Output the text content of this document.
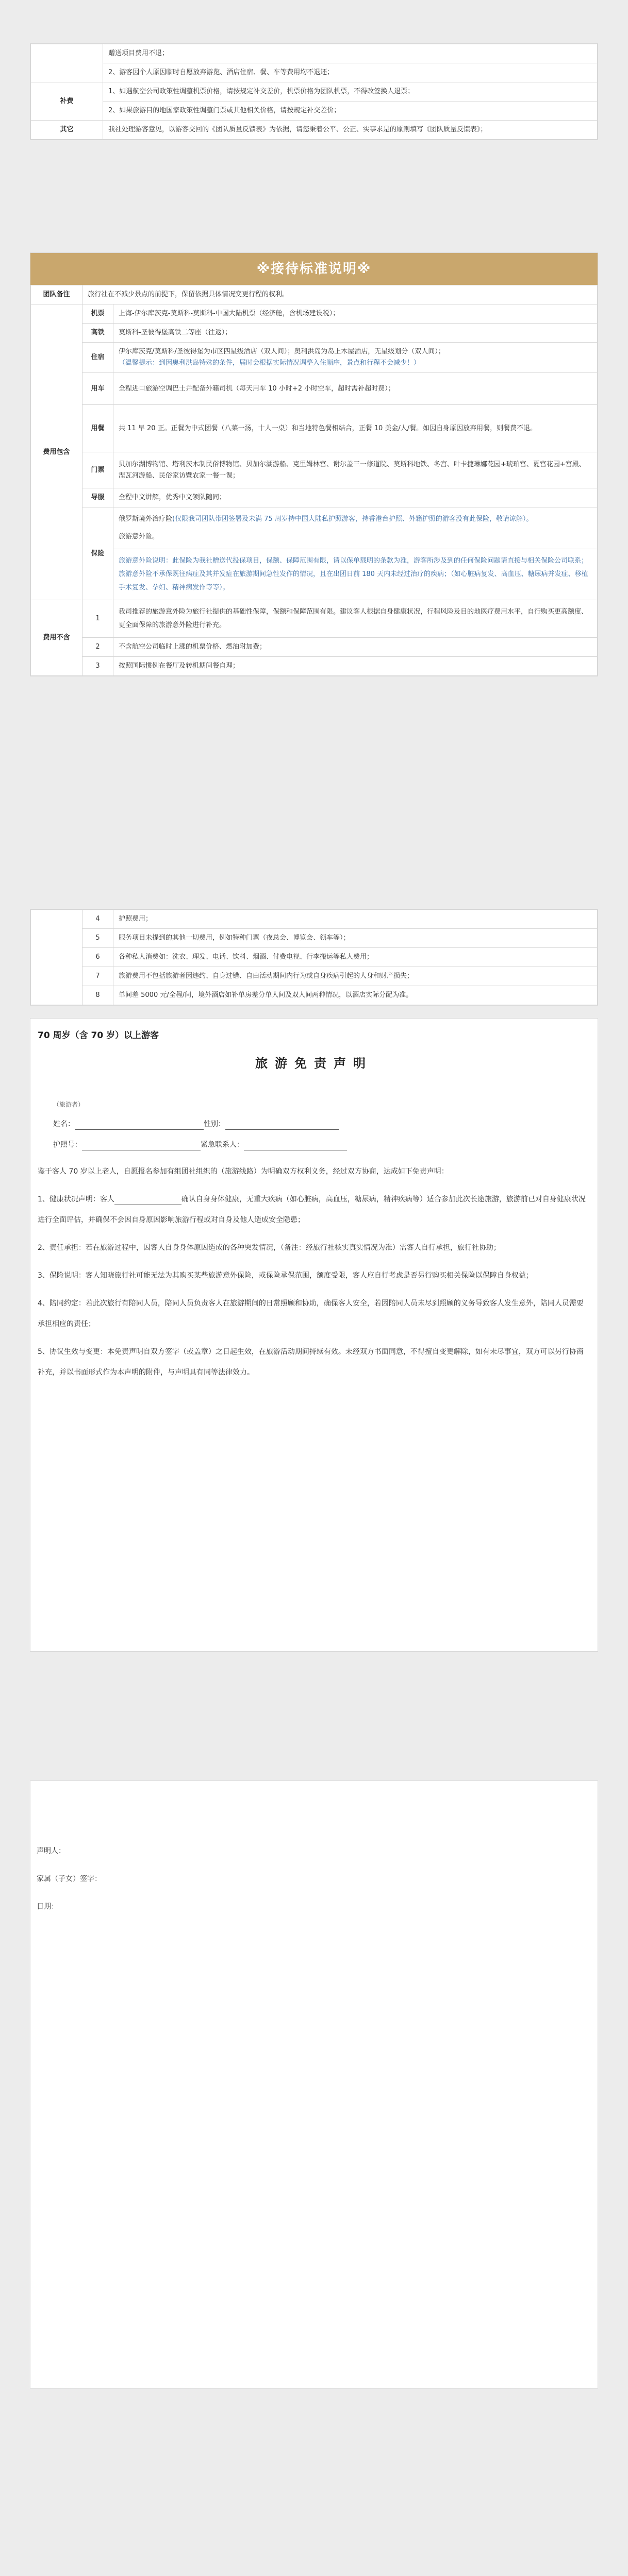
	赠送项目费用不退；
	2、游客因个人原因临时自愿放弃游览、酒店住宿、餐、车等费用均不退还；
补费	1、如遇航空公司政策性调整机票价格，请按规定补交差价，机票价格为团队机票，不得改签换人退票；
	2、如果旅游目的地国家政策性调整门票或其他相关价格，请按规定补交差价；
其它	我社处理游客意见，以游客交回的《团队质量反馈表》为依据，请您秉着公平、公正、实事求是的原则填写《团队质量反馈表》；
※接待标准说明※
团队备注	旅行社在不减少景点的前提下，保留依据具体情况变更行程的权利。	
费用包含	机票	上海-伊尔库茨克-莫斯科-莫斯科-中国大陆机票（经济舱，含机场建设税）；
	高铁	莫斯科-圣彼得堡高铁二等座（往返）；
	住宿	伊尔库茨克/莫斯科/圣彼得堡为市区四星级酒店（双人间）；奥利洪岛为岛上木屋酒店，无星级划分（双人间）；
（温馨提示：到因奥利洪岛特殊的条件，届时会根据实际情况调整入住顺序，景点和行程不会减少！）

	用车	全程进口旅游空调巴士并配备外籍司机（每天用车 10 小时+2 小时空车，超时需补超时费）；
	用餐	共 11 早 20 正。正餐为中式团餐（八菜一汤，十人一桌）和当地特色餐相结合，正餐 10 美金/人/餐。如因自身原因放弃用餐，则餐费不退。
	门票	贝加尔湖博物馆、塔利茨木制民俗博物馆、贝加尔湖游船、克里姆林宫、谢尔盖三一修道院、莫斯科地铁、冬宫、叶卡捷琳娜花园+琥珀宫、夏宫花园+宫殿、涅瓦河游船、民俗家访暨农家一餐一课；
	导服	全程中文讲解，优秀中文领队随同；
	保险	俄罗斯境外治疗险(仅限我司团队带团签署及未满 75 周岁持中国大陆私护照游客，持香港台护照、外籍护照的游客没有此保险，敬请谅解）。
旅游意外险。

		旅游意外险说明：此保险为我社赠送代投保项目，保额、保障范围有限，请以保单载明的条款为准，游客所涉及到的任何保险问题请直接与相关保险公司联系；旅游意外险不承保既往病症及其并发症在旅游期间急性发作的情况，且在出团日前 180 天内未经过治疗的疾病；（如心脏病复发、高血压、糖尿病并发症、移植手术复发、孕妇、精神病发作等等）。
费用不含	1	我司推荐的旅游意外险为旅行社提供的基础性保障，保额和保障范围有限。建议客人根据自身健康状况，行程风险及目的地医疗费用水平，自行购买更高额度、更全面保障的旅游意外险进行补充。
	2	不含航空公司临时上涨的机票价格、燃油附加费；
	3	按照国际惯例在餐厅及转机期间餐自理；
	4	护照费用；
	5	服务项目未提到的其他一切费用，例如特种门票（夜总会、博览会、领车等）；
	6	各种私人消费如：洗衣、理发、电话、饮料、烟酒、付费电视、行李搬运等私人费用；
	7	旅游费用不包括旅游者因违约、自身过错、自由活动期间内行为或自身疾病引起的人身和财产损失；
	8	单间差 5000 元/全程/间，境外酒店如补单房差分单人间及双人间两种情况，以酒店实际分配为准。
70 周岁（含 70 岁）以上游客
旅游免责声明
（旅游者）
姓名：	性别：
护照号：	紧急联系人：
鉴于客人 70 岁以上老人，自愿报名参加有组团社组织的（旅游线路）为明确双方权利义务，经过双方协商，达成如下免责声明：
1、健康状况声明：客人	确认自身身体健康，无重大疾病（如心脏病，高血压，糖尿病，精神疾病等）适合参加此次长途旅游，旅游前已对自身健康状况进行全面评估，并确保不会因自身原因影响旅游行程或对自身及他人造成安全隐患；
2、责任承担：若在旅游过程中，因客人自身身体原因造成的各种突发情况，（备注：经旅行社核实真实情况为准）需客人自行承担，旅行社协助；
3、保险说明：客人知晓旅行社可能无法为其购买某些旅游意外保险，或保险承保范围，额度受限，客人应自行考虑是否另行购买相关保险以保障自身权益；
4、陪同约定：若此次旅行有陪同人员，陪同人员负责客人在旅游期间的日常照顾和协助，确保客人安全，若因陪同人员未尽到照顾的义务导致客人发生意外，陪同人员需要承担相应的责任；
5、协议生效与变更：本免责声明自双方签字（或盖章）之日起生效，在旅游活动期间持续有效。未经双方书面同意，不得擅自变更解除，如有未尽事宜，双方可以另行协商补充，并以书面形式作为本声明的附件，与声明具有同等法律效力。
声明人：
家属（子女）签字：
日期：
